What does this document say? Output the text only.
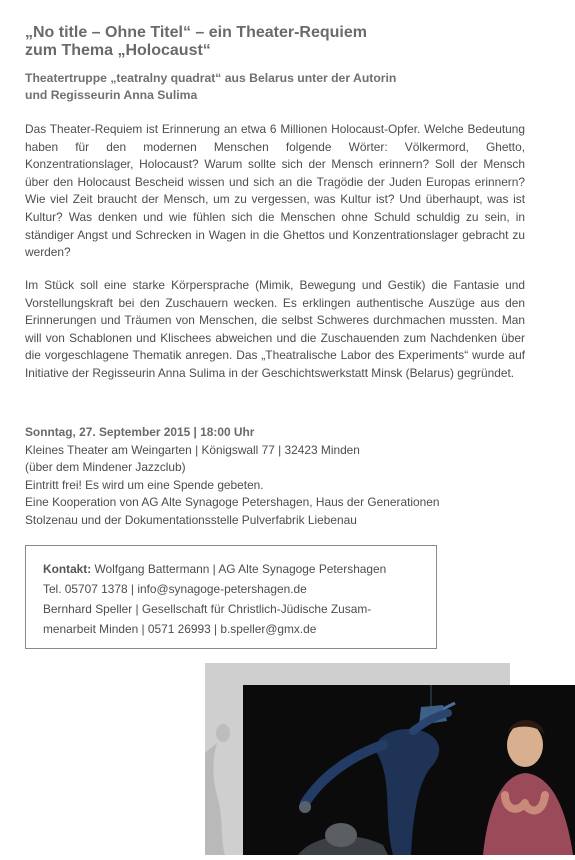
„No title – Ohne Titel“ – ein Theater-Requiem
zum Thema „Holocaust“
Theatertruppe „teatralny quadrat“ aus Belarus unter der Autorin
und Regisseurin Anna Sulima

Das Theater-Requiem ist Erinnerung an etwa 6 Millionen Holocaust-Opfer. Welche Bedeutung haben für den modernen Menschen folgende Wörter: Völkermord, Ghetto, Konzentrationslager, Holocaust? Warum sollte sich der Mensch erinnern? Soll der Mensch über den Holocaust Bescheid wissen und sich an die Tragödie der Juden Europas erinnern? Wie viel Zeit braucht der Mensch, um zu vergessen, was Kultur ist? Und überhaupt, was ist Kultur? Was denken und wie fühlen sich die Menschen ohne Schuld schuldig zu sein, in ständiger Angst und Schrecken in Wagen in die Ghettos und Konzentrationslager gebracht zu werden?

Im Stück soll eine starke Körpersprache (Mimik, Bewegung und Gestik) die Fantasie und Vorstellungskraft bei den Zuschauern wecken. Es erklingen authentische Auszüge aus den Erinnerungen und Träumen von Menschen, die selbst Schweres durchmachen mussten. Man will von Schablonen und Klischees abweichen und die Zuschauenden zum Nachdenken über die vorgeschlagene Thematik anregen. Das „Theatralische Labor des Experiments“ wurde auf Initiative der Regisseurin Anna Sulima in der Geschichtswerkstatt Minsk (Belarus) gegründet.

Sonntag, 27. September 2015 | 18:00 Uhr
Kleines Theater am Weingarten | Königswall 77 | 32423 Minden
(über dem Mindener Jazzclub)
Eintritt frei! Es wird um eine Spende gebeten.
Eine Kooperation von AG Alte Synagoge Petershagen, Haus der Generationen
Stolzenau und der Dokumentationsstelle Pulverfabrik Liebenau
Kontakt: Wolfgang Battermann | AG Alte Synagoge Petershagen
Tel. 05707 1378 | info@synagoge-petershagen.de
Bernhard Speller | Gesellschaft für Christlich-Jüdische Zusam-
menarbeit Minden | 0571 26993 | b.speller@gmx.de
